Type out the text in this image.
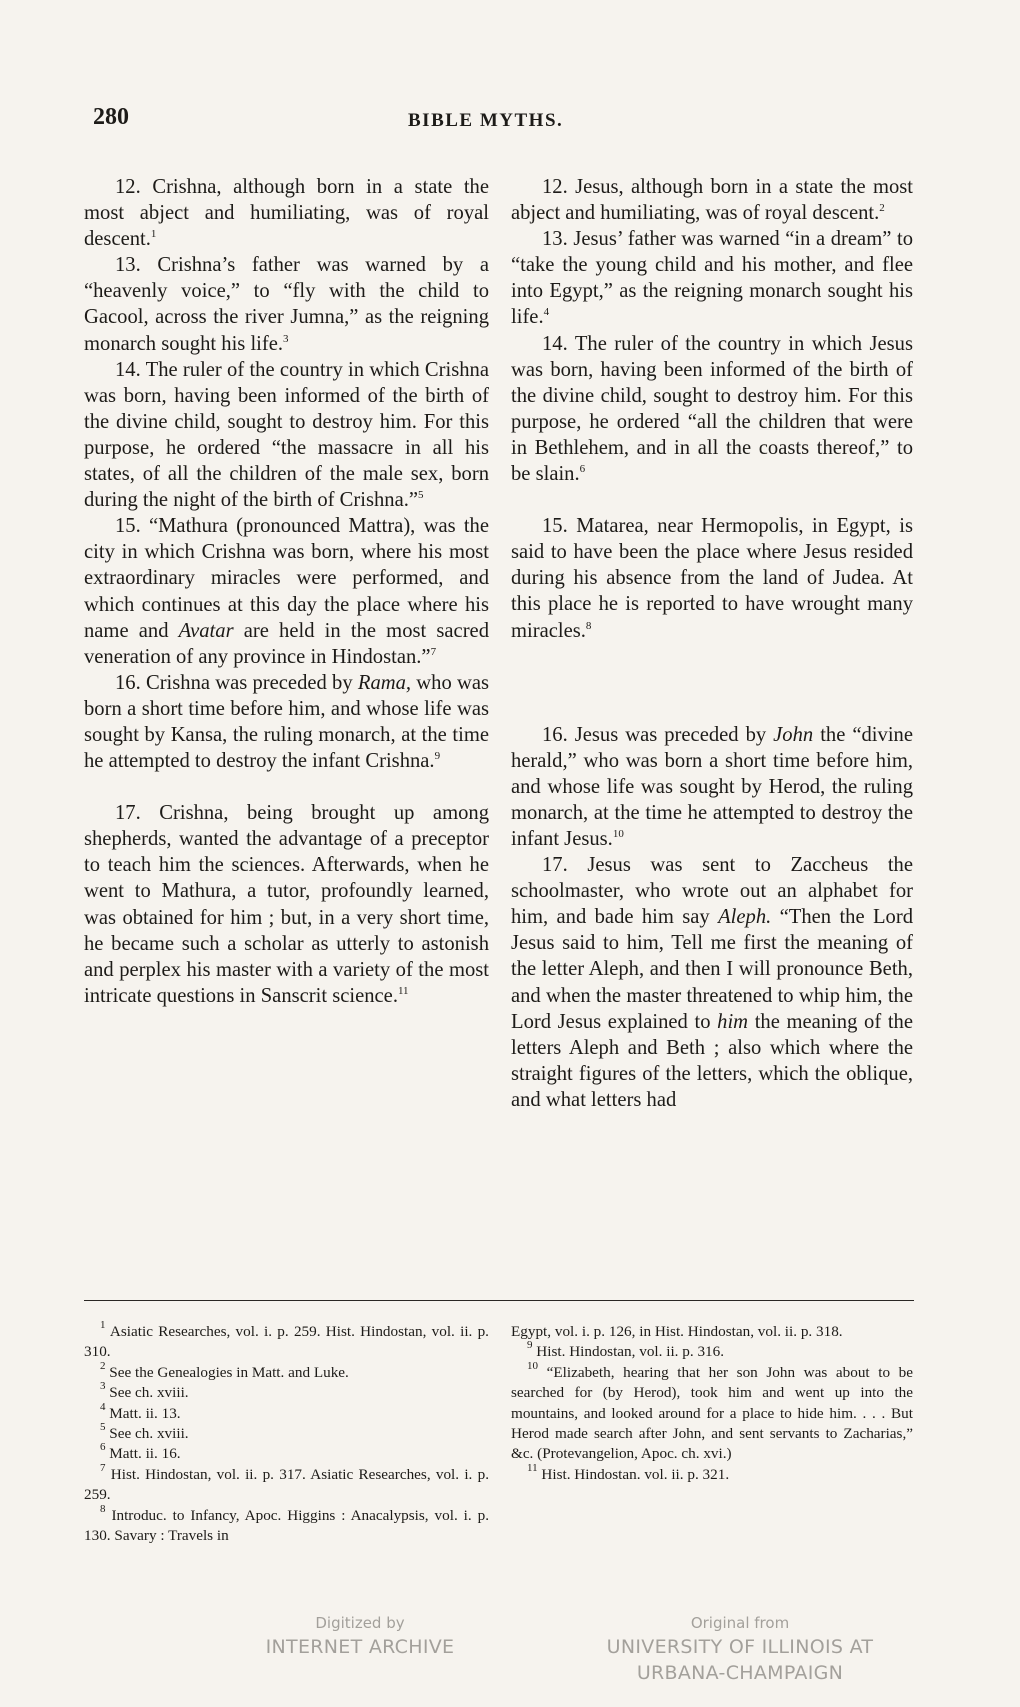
280	BIBLE MYTHS.

12. Crishna, although born in a state the most abject and humiliating, was of royal descent.$^1$

13. Crishna’s father was warned by a “heavenly voice,” to “fly with the child to Gacool, across the river Jumna,” as the reigning monarch sought his life.$^3$

14. The ruler of the country in which Crishna was born, having been informed of the birth of the divine child, sought to destroy him. For this purpose, he ordered “the massacre in all his states, of all the children of the male sex, born during the night of the birth of Crishna.”$^5$

15. “Mathura (pronounced Mattra), was the city in which Crishna was born, where his most extraordinary miracles were performed, and which continues at this day the place where his name and Avatar are held in the most sacred veneration of any province in Hindostan.”$^7$

16. Crishna was preceded by Rama, who was born a short time before him, and whose life was sought by Kansa, the ruling monarch, at the time he attempted to destroy the infant Crishna.$^9$

17. Crishna, being brought up among shepherds, wanted the advantage of a preceptor to teach him the sciences. Afterwards, when he went to Mathura, a tutor, profoundly learned, was obtained for him ; but, in a very short time, he became such a scholar as utterly to astonish and perplex his master with a variety of the most intricate questions in Sanscrit science.$^{11}$

12. Jesus, although born in a state the most abject and humiliating, was of royal descent.$^2$

13. Jesus’ father was warned “in a dream” to “take the young child and his mother, and flee into Egypt,” as the reigning monarch sought his life.$^4$

14. The ruler of the country in which Jesus was born, having been informed of the birth of the divine child, sought to destroy him. For this purpose, he ordered “all the children that were in Bethlehem, and in all the coasts thereof,” to be slain.$^6$

15. Matarea, near Hermopolis, in Egypt, is said to have been the place where Jesus resided during his absence from the land of Judea. At this place he is reported to have wrought many miracles.$^8$

16. Jesus was preceded by John the “divine herald,” who was born a short time before him, and whose life was sought by Herod, the ruling monarch, at the time he attempted to destroy the infant Jesus.$^{10}$

17. Jesus was sent to Zaccheus the schoolmaster, who wrote out an alphabet for him, and bade him say Aleph. “Then the Lord Jesus said to him, Tell me first the meaning of the letter Aleph, and then I will pronounce Beth, and when the master threatened to whip him, the Lord Jesus explained to him the meaning of the letters Aleph and Beth ; also which where the straight figures of the letters, which the oblique, and what letters had

$^1$ Asiatic Researches, vol. i. p. 259. Hist. Hindostan, vol. ii. p. 310.

$^2$ See the Genealogies in Matt. and Luke.

$^3$ See ch. xviii.

$^4$ Matt. ii. 13.

$^5$ See ch. xviii.

$^6$ Matt. ii. 16.

$^7$ Hist. Hindostan, vol. ii. p. 317. Asiatic Researches, vol. i. p. 259.

$^8$ Introduc. to Infancy, Apoc. Higgins : Anacalypsis, vol. i. p. 130. Savary : Travels in

Egypt, vol. i. p. 126, in Hist. Hindostan, vol. ii. p. 318.

$^9$ Hist. Hindostan, vol. ii. p. 316.

$^{10}$ “Elizabeth, hearing that her son John was about to be searched for (by Herod), took him and went up into the mountains, and looked around for a place to hide him. . . . But Herod made search after John, and sent servants to Zacharias,” &c. (Protevangelion, Apoc. ch. xvi.)

$^{11}$ Hist. Hindostan. vol. ii. p. 321.

Digitized by
INTERNET ARCHIVE
Original from
UNIVERSITY OF ILLINOIS AT
URBANA-CHAMPAIGN
